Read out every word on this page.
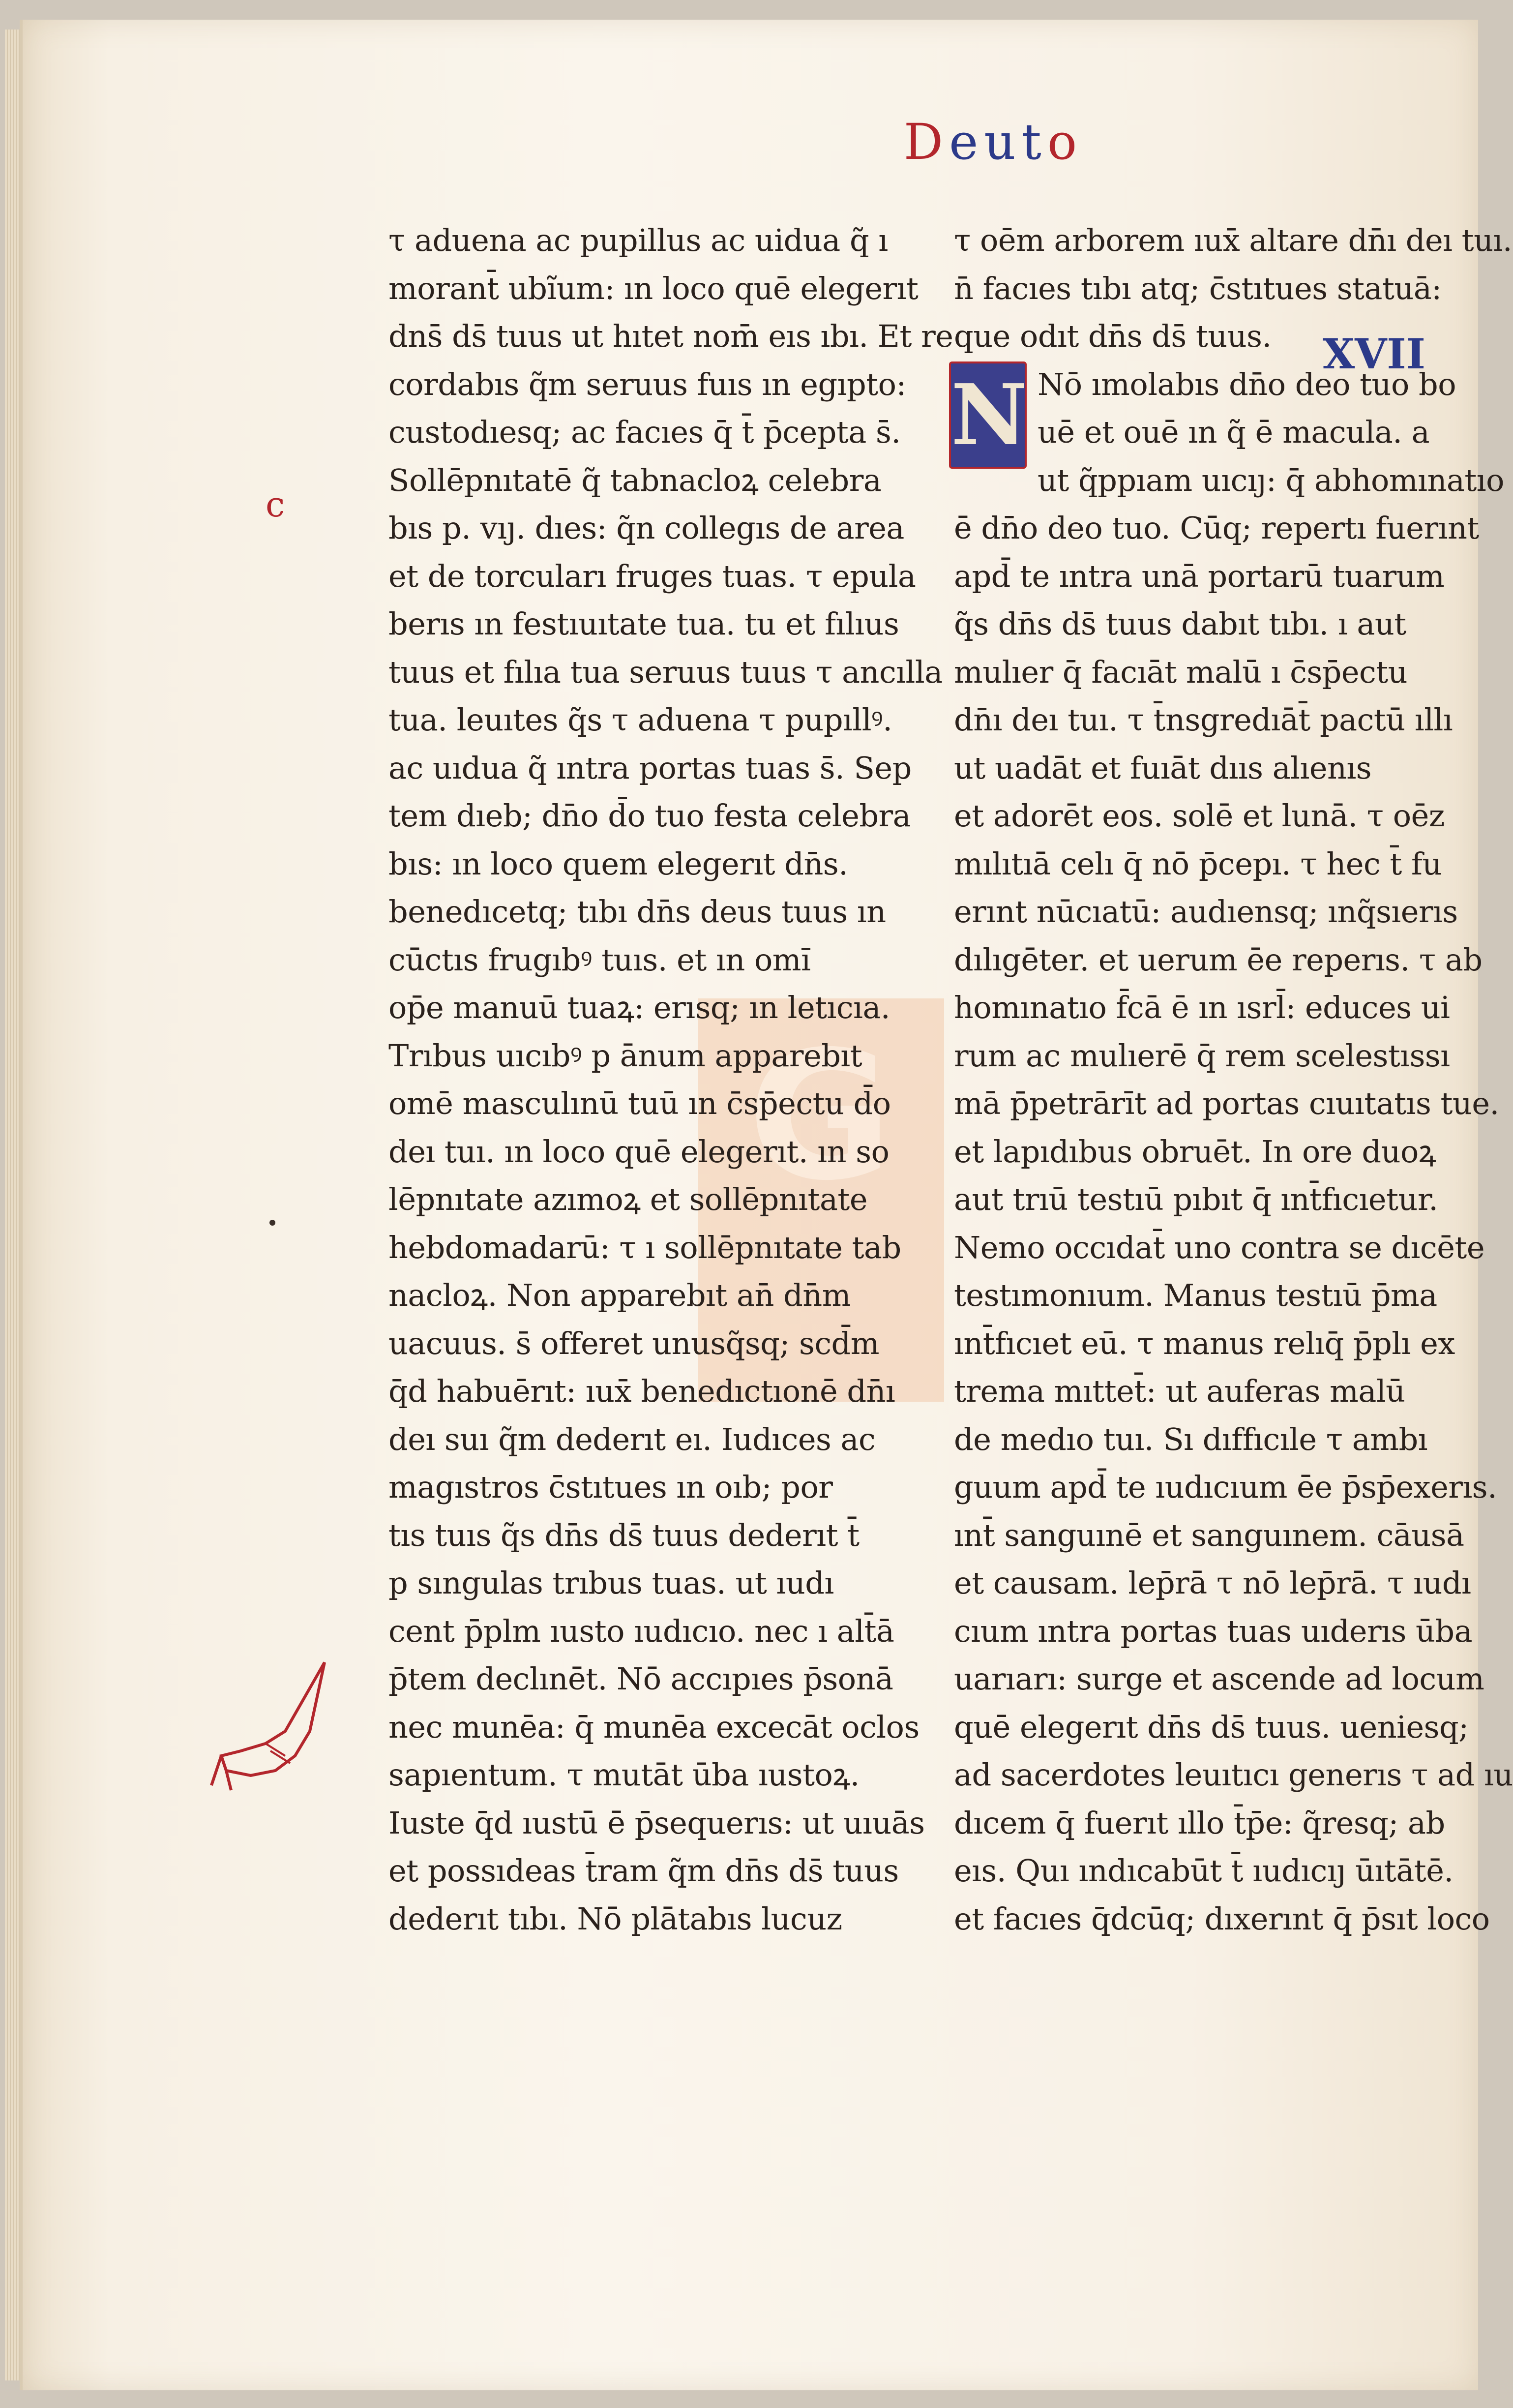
Deuto
G
c
XVII
N
τ aduena ac pupillus ac uidua q̃ ı
morant̄ ubı̃um: ın loco quē elegerıt
dns̄ ds̄ tuus ut hıtet nom̄ eıs ıbı. Et re
cordabıs q̃m seruus fuıs ın egıpto:
custodıesq; ac facıes q̄ t̄ p̄cepta s̄.
Sollēpnıtatē q̃ tabnacloꝝ celebra
bıs p. vıȷ. dıes: q̃n collegıs de area
et de torcuları fruges tuas. τ epula
berıs ın festıuıtate tua. tu et fılıus
tuus et fılıa tua seruus tuus τ ancılla
tua. leuıtes q̃s τ aduena τ pupıllꝰ.
ac uıdua q̃ ıntra portas tuas s̄. Sep
tem dıeb; dn̄o d̄o tuo festa celebra
bıs: ın loco quem elegerıt dn̄s.
benedıcetq; tıbı dn̄s deus tuus ın
cūctıs frugıbꝰ tuıs. et ın omı̄
op̄e manuū tuaꝝ: erısq; ın letıcıa.
Trıbus uıcıbꝰ p ānum apparebıt
omē masculınū tuū ın c̄sp̄ectu d̄o
deı tuı. ın loco quē elegerıt. ın so
lēpnıtate azımoꝝ et sollēpnıtate
hebdomadarū: τ ı sollēpnıtate tab
nacloꝝ. Non apparebıt an̄ dn̄m
uacuus. s̄ offeret unusq̃sq; scd̄m
q̄d habuērıt: ıux̄ benedıctıonē dn̄ı
deı suı q̃m dederıt eı. Iudıces ac
magıstros c̄stıtues ın oıb; por
tıs tuıs q̃s dn̄s ds̄ tuus dederıt t̄
p sıngulas trıbus tuas. ut ıudı
cent p̄plm ıusto ıudıcıo. nec ı alt̄ā
p̄tem declınēt. Nō accıpıes p̄sonā
nec munēa: q̄ munēa excecāt oclos
sapıentum. τ mutāt ūba ıustoꝝ.
Iuste q̄d ıustū ē p̄sequerıs: ut uıuās
et possıdeas t̄ram q̃m dn̄s ds̄ tuus
dederıt tıbı. Nō plātabıs lucuz
τ oēm arborem ıux̄ altare dn̄ı deı tuı.
n̄ facıes tıbı atq; c̄stıtues statuā:
que odıt dn̄s ds̄ tuus.
Nō ımolabıs dn̄o deo tuo bo
uē et ouē ın q̃ ē macula. a
ut q̃ppıam uıcıȷ: q̄ abhomınatıo
ē dn̄o deo tuo. Cūq; repertı fuerınt
apd̄ te ıntra unā portarū tuarum
q̃s dn̄s ds̄ tuus dabıt tıbı. ı aut
mulıer q̄ facıāt malū ı c̄sp̄ectu
dn̄ı deı tuı. τ t̄nsgredıāt̄ pactū ıllı
ut uadāt et fuıāt dııs alıenıs
et adorēt eos. solē et lunā. τ oēz
mılıtıā celı q̄ nō p̄cepı. τ hec t̄ fu
erınt nūcıatū: audıensq; ınq̃sıerıs
dılıgēter. et uerum ēe reperıs. τ ab
homınatıo f̄cā ē ın ısrl̄: educes ui
rum ac mulıerē q̄ rem scelestıssı
mā p̄petrārīt ad portas cıuıtatıs tue.
et lapıdıbus obruēt. In ore duoꝝ
aut trıū testıū pıbıt q̄ ınt̄fıcıetur.
Nemo occıdat̄ uno contra se dıcēte
testımonıum. Manus testıū p̄ma
ınt̄fıcıet eū. τ manus relıq̄ p̄plı ex
trema mıttet̄: ut auferas malū
de medıo tuı. Sı dıffıcıle τ ambı
guum apd̄ te ıudıcıum ēe p̄sp̄exerıs.
ınt̄ sanguınē et sanguınem. cāusā
et causam. lep̄rā τ nō lep̄rā. τ ıudı
cıum ıntra portas tuas uıderıs ūba
uarıarı: surge et ascende ad locum
quē elegerıt dn̄s ds̄ tuus. ueniesq;
ad sacerdotes leuıtıcı generıs τ ad ıu
dıcem q̄ fuerıt ıllo t̄p̄e: q̃resq; ab
eıs. Quı ındıcabūt t̄ ıudıcıȷ ūıtātē.
et facıes q̄dcūq; dıxerınt q̄ p̄sıt loco
